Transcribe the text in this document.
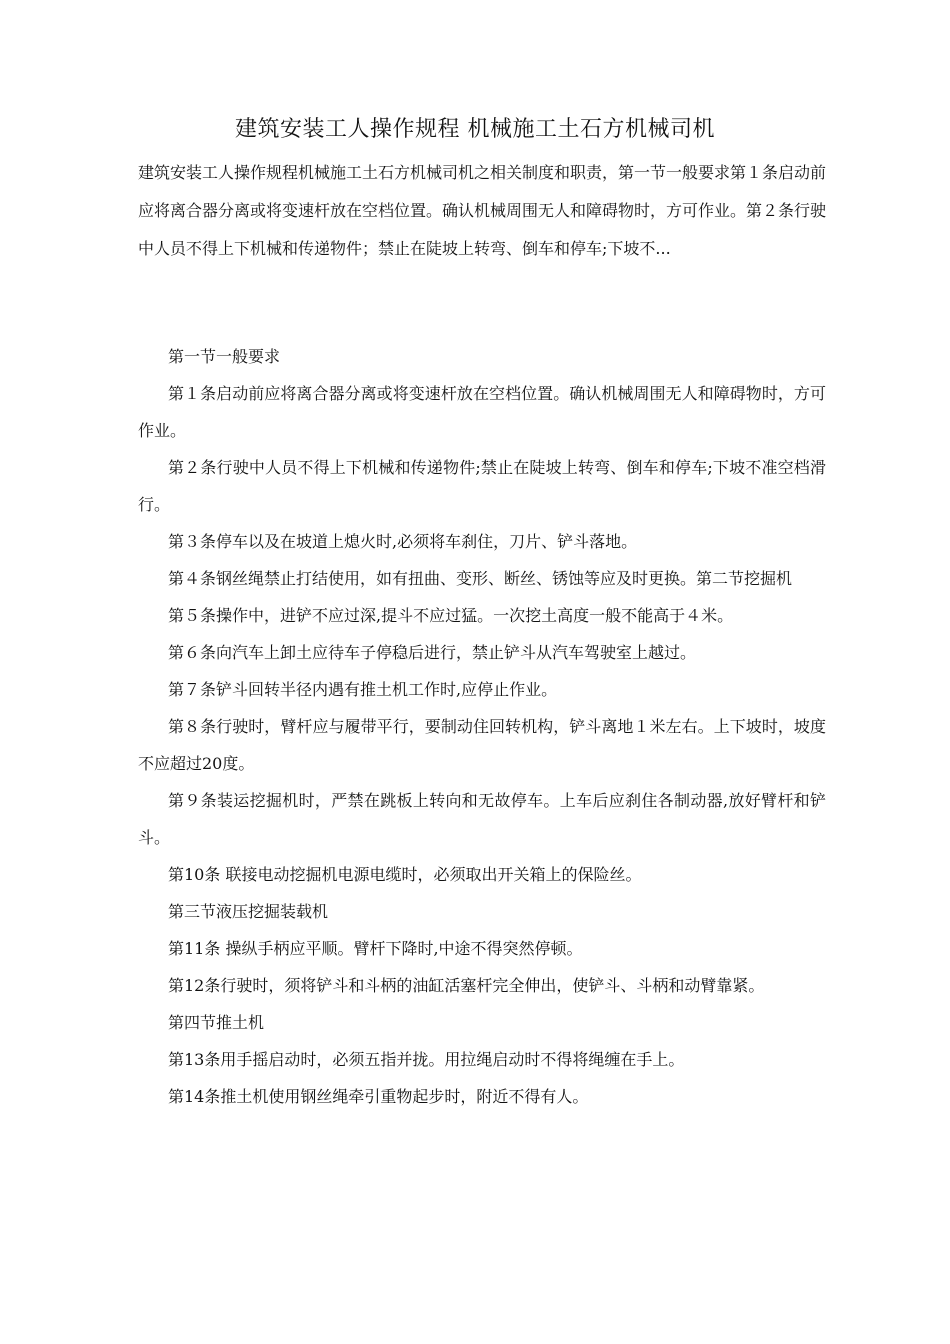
建筑安装工人操作规程 机械施工土石方机械司机

建筑安装工人操作规程机械施工土石方机械司机之相关制度和职责，第一节一般要求第１条启动前应将离合器分离或将变速杆放在空档位置。确认机械周围无人和障碍物时，方可作业。第２条行驶中人员不得上下机械和传递物件；禁止在陡坡上转弯、倒车和停车;下坡不...

第一节一般要求

第１条启动前应将离合器分离或将变速杆放在空档位置。确认机械周围无人和障碍物时，方可作业。

第２条行驶中人员不得上下机械和传递物件;禁止在陡坡上转弯、倒车和停车;下坡不准空档滑行。

第３条停车以及在坡道上熄火时,必须将车刹住，刀片、铲斗落地。

第４条钢丝绳禁止打结使用，如有扭曲、变形、断丝、锈蚀等应及时更换。第二节挖掘机

第５条操作中，进铲不应过深,提斗不应过猛。一次挖土高度一般不能高于４米。

第６条向汽车上卸土应待车子停稳后进行，禁止铲斗从汽车驾驶室上越过。

第７条铲斗回转半径内遇有推土机工作时,应停止作业。

第８条行驶时，臂杆应与履带平行，要制动住回转机构，铲斗离地１米左右。上下坡时，坡度不应超过20度。

第９条装运挖掘机时，严禁在跳板上转向和无故停车。上车后应刹住各制动器,放好臂杆和铲斗。

第10条 联接电动挖掘机电源电缆时，必须取出开关箱上的保险丝。

第三节液压挖掘装载机

第11条 操纵手柄应平顺。臂杆下降时,中途不得突然停顿。

第12条行驶时，须将铲斗和斗柄的油缸活塞杆完全伸出，使铲斗、斗柄和动臂靠紧。

第四节推土机

第13条用手摇启动时，必须五指并拢。用拉绳启动时不得将绳缠在手上。

第14条推土机使用钢丝绳牵引重物起步时，附近不得有人。
